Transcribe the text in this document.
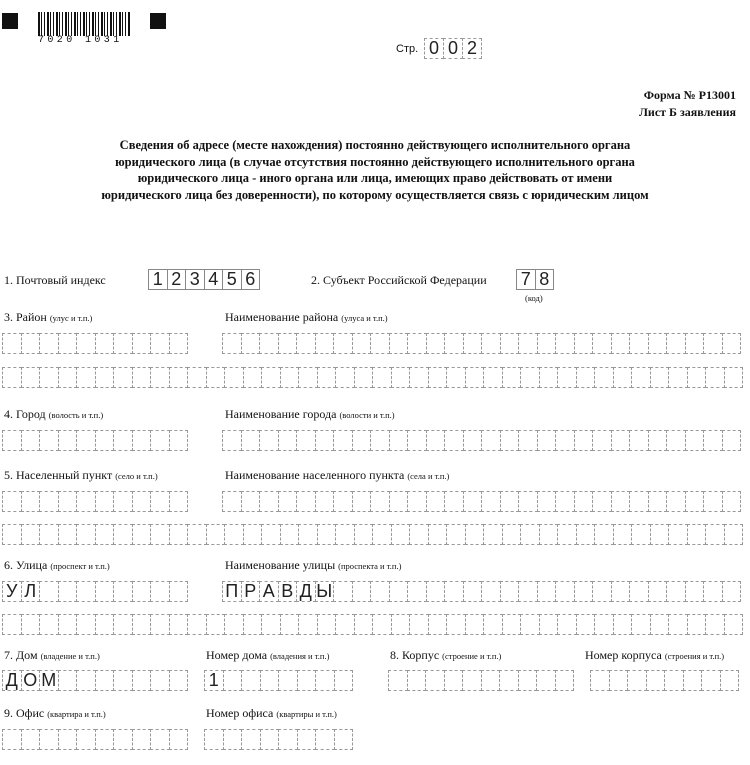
7020 1031
Стр. 0 0 2
Форма № Р13001
Лист Б заявления
Сведения об адресе (месте нахождения) постоянно действующего исполнительного органа
юридического лица (в случае отсутствия постоянно действующего исполнительного органа
юридического лица - иного органа или лица, имеющих право действовать от имени
юридического лица без доверенности), по которому осуществляется связь с юридическим лицом
1. Почтовый индекс	1 2 3 4 5 6	2. Субъект Российской Федерации 7 8
(код)
3. Район (улус и т.п.)	Наименование района (улуса и т.п.)
4. Город (волость и т.п.)	Наименование города (волости и т.п.)
5. Населенный пункт (село и т.п.)	Наименование населенного пункта (села и т.п.)
6. Улица (проспект и т.п.)	Наименование улицы (проспекта и т.п.)
У Л	П Р А В Д Ы
7. Дом (владение и т.п.)	Номер дома (владения и т.п.)
Д О М	1
8. Корпус (строение и т.п.)	Номер корпуса (строения и т.п.)
9. Офис (квартира и т.п.)	Номер офиса (квартиры и т.п.)
